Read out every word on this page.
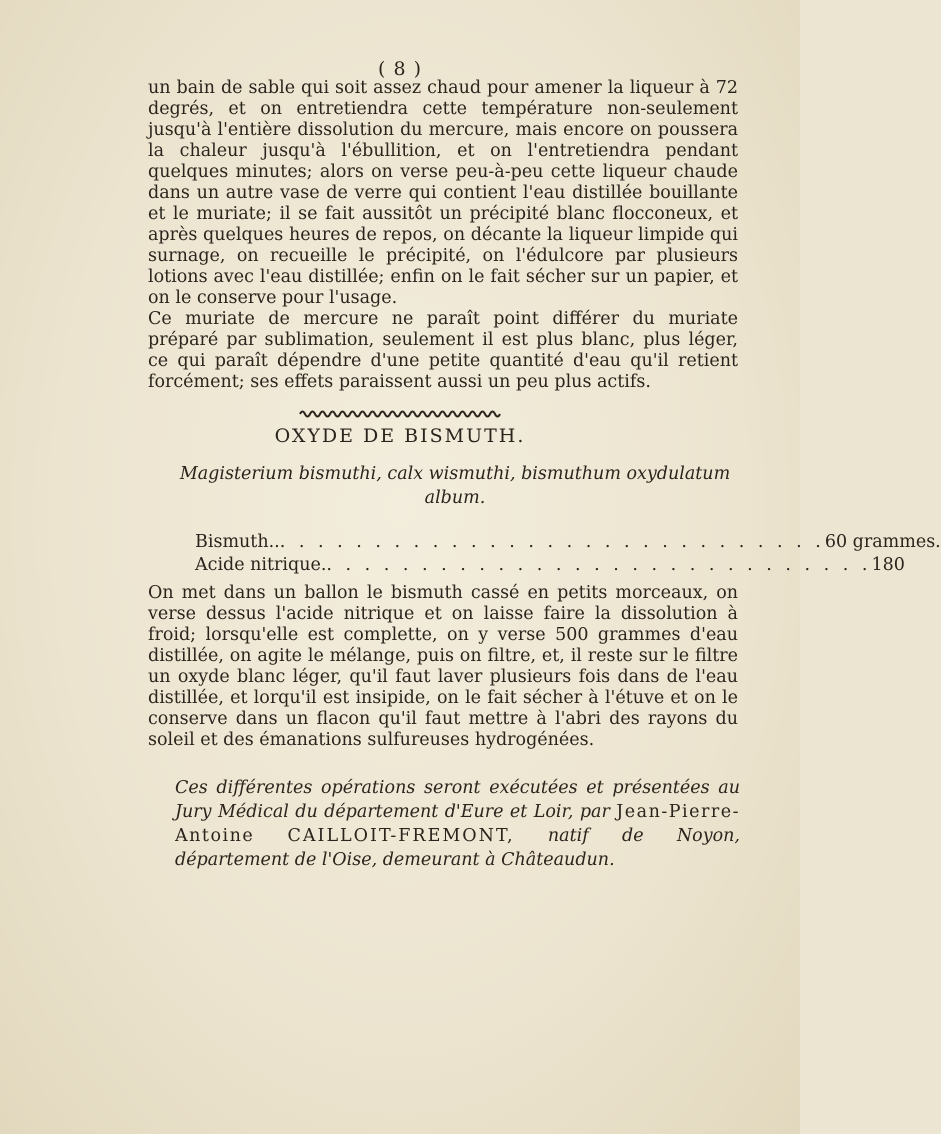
( 8 )

un bain de sable qui soit assez chaud pour amener la liqueur à 72 degrés, et on entretiendra cette température non-seulement jusqu'à l'entière dissolution du mercure, mais encore on poussera la chaleur jusqu'à l'ébullition, et on l'entretiendra pendant quelques minutes; alors on verse peu-à-peu cette liqueur chaude dans un autre vase de verre qui contient l'eau distillée bouillante et le muriate; il se fait aussitôt un précipité blanc flocconeux, et après quelques heures de repos, on décante la liqueur limpide qui surnage, on recueille le précipité, on l'édulcore par plusieurs lotions avec l'eau distillée; enfin on le fait sécher sur un papier, et on le conserve pour l'usage.

Ce muriate de mercure ne paraît point différer du muriate préparé par sublimation, seulement il est plus blanc, plus léger, ce qui paraît dépendre d'une petite quantité d'eau qu'il retient forcément; ses effets paraissent aussi un peu plus actifs.

OXYDE DE BISMUTH.
Magisterium bismuthi, calx wismuthi, bismuthum oxydulatum album.
Bismuth.. . . . . . . . . . . . . . . . . . . . . . . . . . . . . . 60 grammes.
Acide nitrique. . . . . . . . . . . . . . . . . . . . . . . . . . . . . . 180

On met dans un ballon le bismuth cassé en petits morceaux, on verse dessus l'acide nitrique et on laisse faire la dissolution à froid; lorsqu'elle est complette, on y verse 500 grammes d'eau distillée, on agite le mélange, puis on filtre, et, il reste sur le filtre un oxyde blanc léger, qu'il faut laver plusieurs fois dans de l'eau distillée, et lorqu'il est insipide, on le fait sécher à l'étuve et on le conserve dans un flacon qu'il faut mettre à l'abri des rayons du soleil et des émanations sulfureuses hydrogénées.

Ces différentes opérations seront exécutées et présentées au Jury Médical du département d'Eure et Loir, par Jean-Pierre-Antoine CAILLOIT-FREMONT, natif de Noyon, département de l'Oise, demeurant à Châteaudun.
